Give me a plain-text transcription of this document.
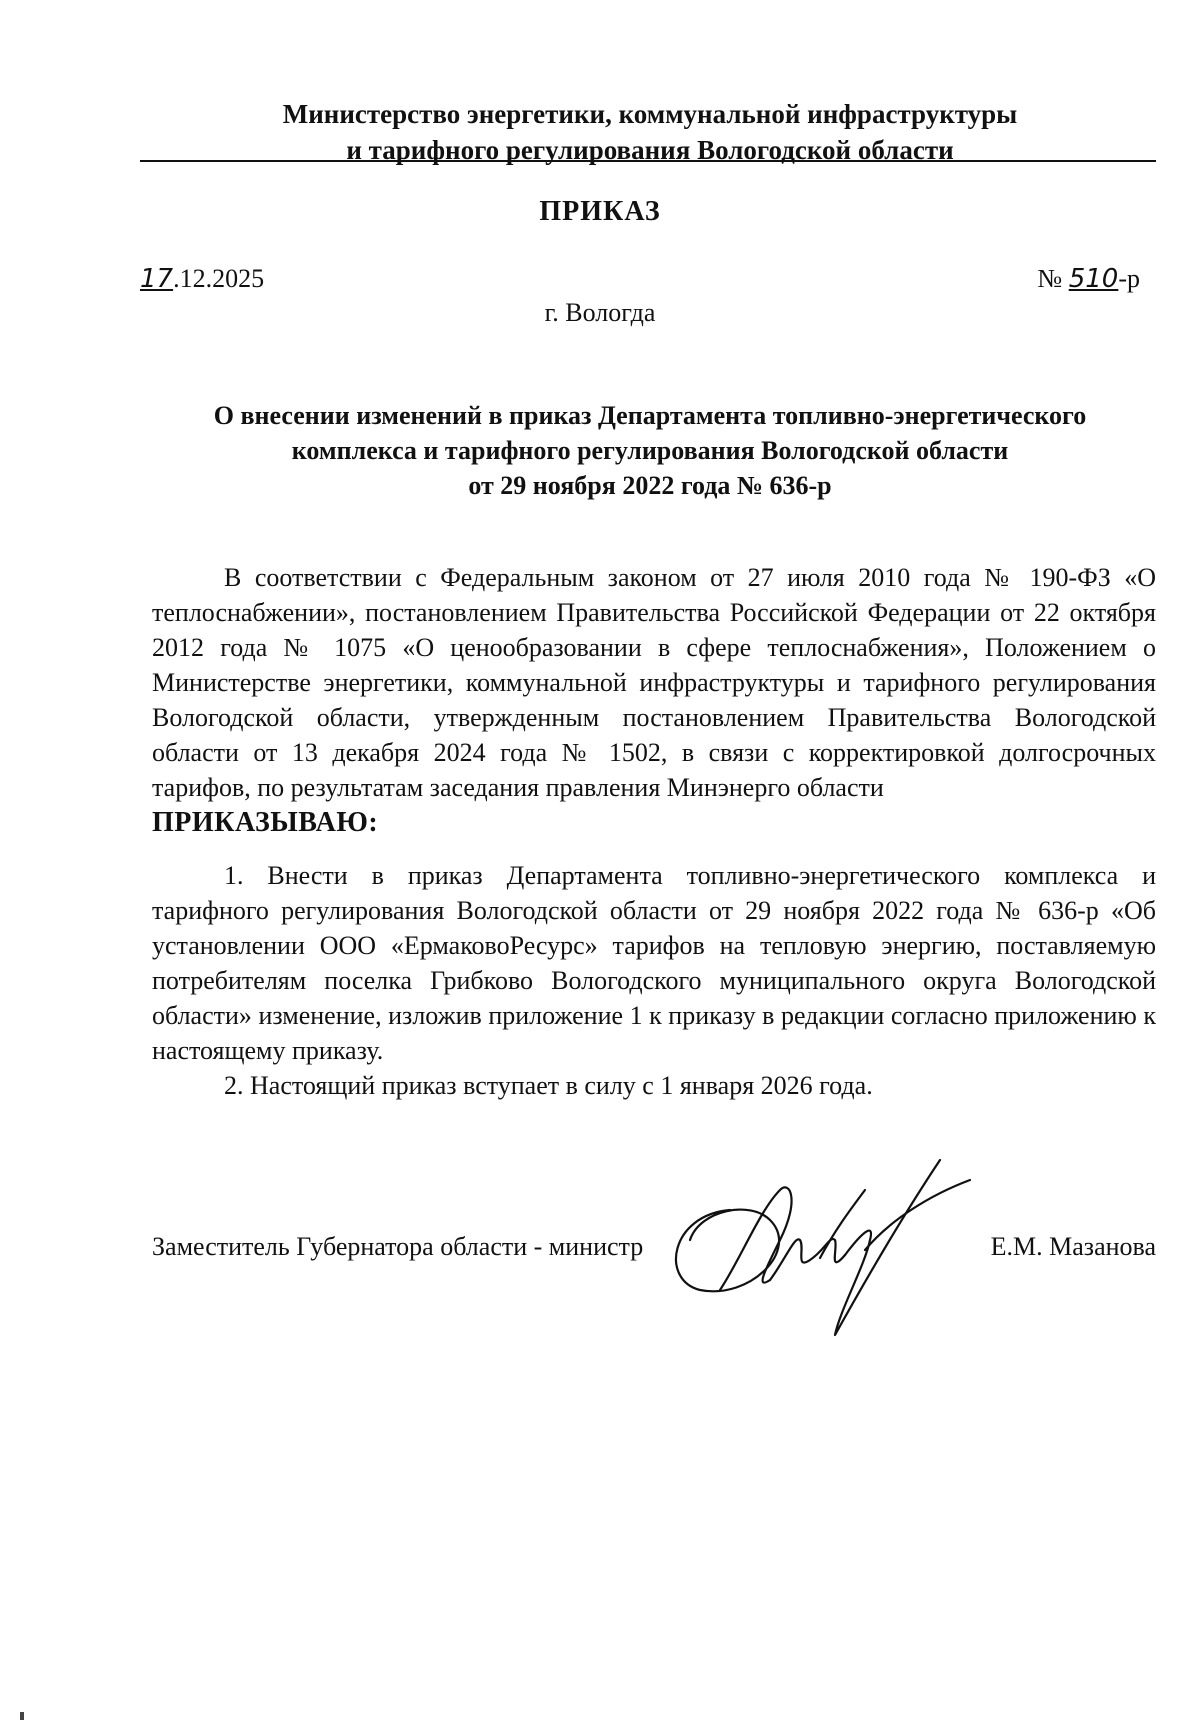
Министерство энергетики, коммунальной инфраструктуры
и тарифного регулирования Вологодской области
ПРИКАЗ
17.12.2025	№ 510-р
г. Вологда
О внесении изменений в приказ Департамента топливно-энергетического
комплекса и тарифного регулирования Вологодской области
от 29 ноября 2022 года № 636-р

В соответствии с Федеральным законом от 27 июля 2010 года № 190-ФЗ «О теплоснабжении», постановлением Правительства Российской Федерации от 22 октября 2012 года № 1075 «О ценообразовании в сфере теплоснабжения», Положением о Министерстве энергетики, коммунальной инфраструктуры и тарифного регулирования Вологодской области, утвержденным постановлением Правительства Вологодской области от 13 декабря 2024 года № 1502, в связи с корректировкой долгосрочных тарифов, по результатам заседания правления Минэнерго области

ПРИКАЗЫВАЮ:

1. Внести в приказ Департамента топливно-энергетического комплекса и тарифного регулирования Вологодской области от 29 ноября 2022 года № 636-р «Об установлении ООО «ЕрмаковоРесурс» тарифов на тепловую энергию, поставляемую потребителям поселка Грибково Вологодского муниципального округа Вологодской области» изменение, изложив приложение 1 к приказу в редакции согласно приложению к настоящему приказу.

2. Настоящий приказ вступает в силу с 1 января 2026 года.

Заместитель Губернатора области - министр	Е.М. Мазанова
